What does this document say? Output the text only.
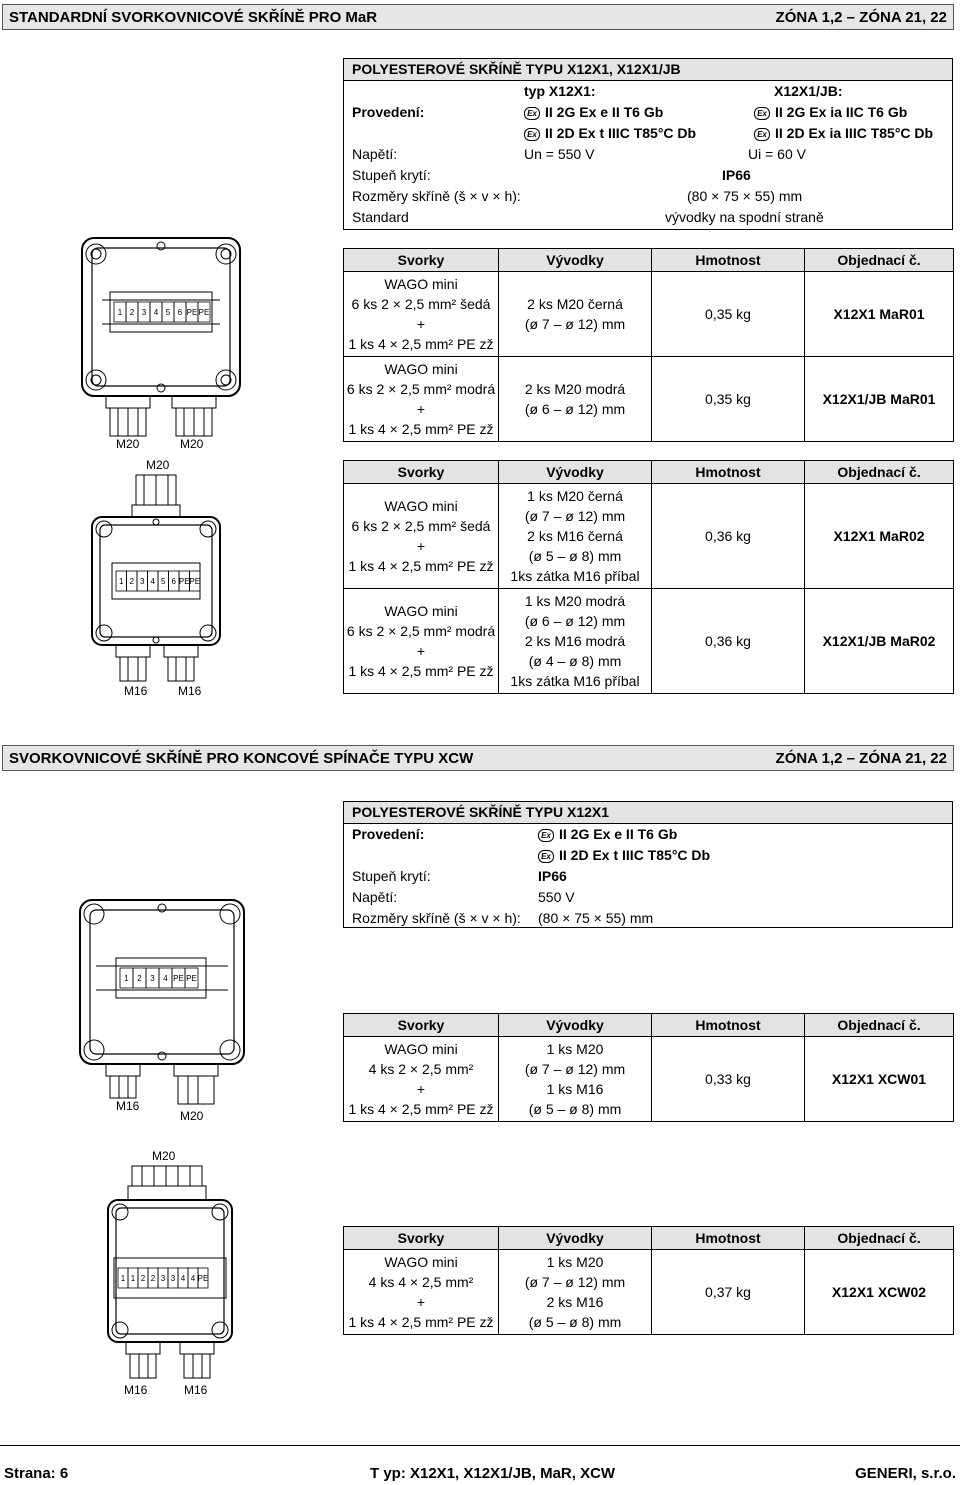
STANDARDNÍ SVORKOVNICOVÉ SKŘÍNĚ PRO MaR	ZÓNA 1,2 – ZÓNA 21, 22
POLYESTEROVÉ SKŘÍNĚ TYPU X12X1, X12X1/JB
typ X12X1:	X12X1/JB:
Provedení:	Ex II 2G Ex e II T6 Gb	Ex II 2G Ex ia IIC T6 Gb
Ex II 2D Ex t IIIC T85°C Db	Ex II 2D Ex ia IIIC T85°C Db
Napětí:	Un = 550 V	Ui = 60 V
Stupeň krytí:	IP66
Rozměry skříně (š × v × h):	(80 × 75 × 55) mm
Standard	vývodky na spodní straně
Svorky	Vývodky	Hmotnost	Objednací č.
WAGO mini
6 ks 2 × 2,5 mm² šedá
+
1 ks 4 × 2,5 mm² PE zž	2 ks M20 černá
(ø 7 – ø 12) mm	0,35 kg	X12X1 MaR01
WAGO mini
6 ks 2 × 2,5 mm² modrá
+
1 ks 4 × 2,5 mm² PE zž	2 ks M20 modrá
(ø 6 – ø 12) mm	0,35 kg	X12X1/JB MaR01
Svorky	Vývodky	Hmotnost	Objednací č.
WAGO mini
6 ks 2 × 2,5 mm² šedá
+
1 ks 4 × 2,5 mm² PE zž	1 ks M20 černá
(ø 7 – ø 12) mm
2 ks M16 černá
(ø 5 – ø 8) mm
1ks zátka M16 příbal	0,36 kg	X12X1 MaR02
WAGO mini
6 ks 2 × 2,5 mm² modrá
+
1 ks 4 × 2,5 mm² PE zž	1 ks M20 modrá
(ø 6 – ø 12) mm
2 ks M16 modrá
(ø 4 – ø 8) mm
1ks zátka M16 příbal	0,36 kg	X12X1/JB MaR02
1 2 3 4 5 6 PE PE
M20	M20
M20
1 2 3 4 5 6 PE PE
M16	M16
SVORKOVNICOVÉ SKŘÍNĚ PRO KONCOVÉ SPÍNAČE TYPU XCW	ZÓNA 1,2 – ZÓNA 21, 22
POLYESTEROVÉ SKŘÍNĚ TYPU X12X1
Provedení:	Ex II 2G Ex e II T6 Gb
Ex II 2D Ex t IIIC T85°C Db
Stupeň krytí:	IP66
Napětí:	550 V
Rozměry skříně (š × v × h): (80 × 75 × 55) mm
Svorky	Vývodky	Hmotnost	Objednací č.
WAGO mini
4 ks 2 × 2,5 mm²
+
1 ks 4 × 2,5 mm² PE zž	1 ks M20
(ø 7 – ø 12) mm
1 ks M16
(ø 5 – ø 8) mm	0,33 kg	X12X1 XCW01
Svorky	Vývodky	Hmotnost	Objednací č.
WAGO mini
4 ks 4 × 2,5 mm²
+
1 ks 4 × 2,5 mm² PE zž	1 ks M20
(ø 7 – ø 12) mm
2 ks M16
(ø 5 – ø 8) mm	0,37 kg	X12X1 XCW02
1 2 3 4 PE PE
M16
M20
M20
1 1 2 2 3 3 4 4 PE
M16	M16
Strana: 6	T yp: X12X1, X12X1/JB, MaR, XCW	GENERI, s.r.o.
